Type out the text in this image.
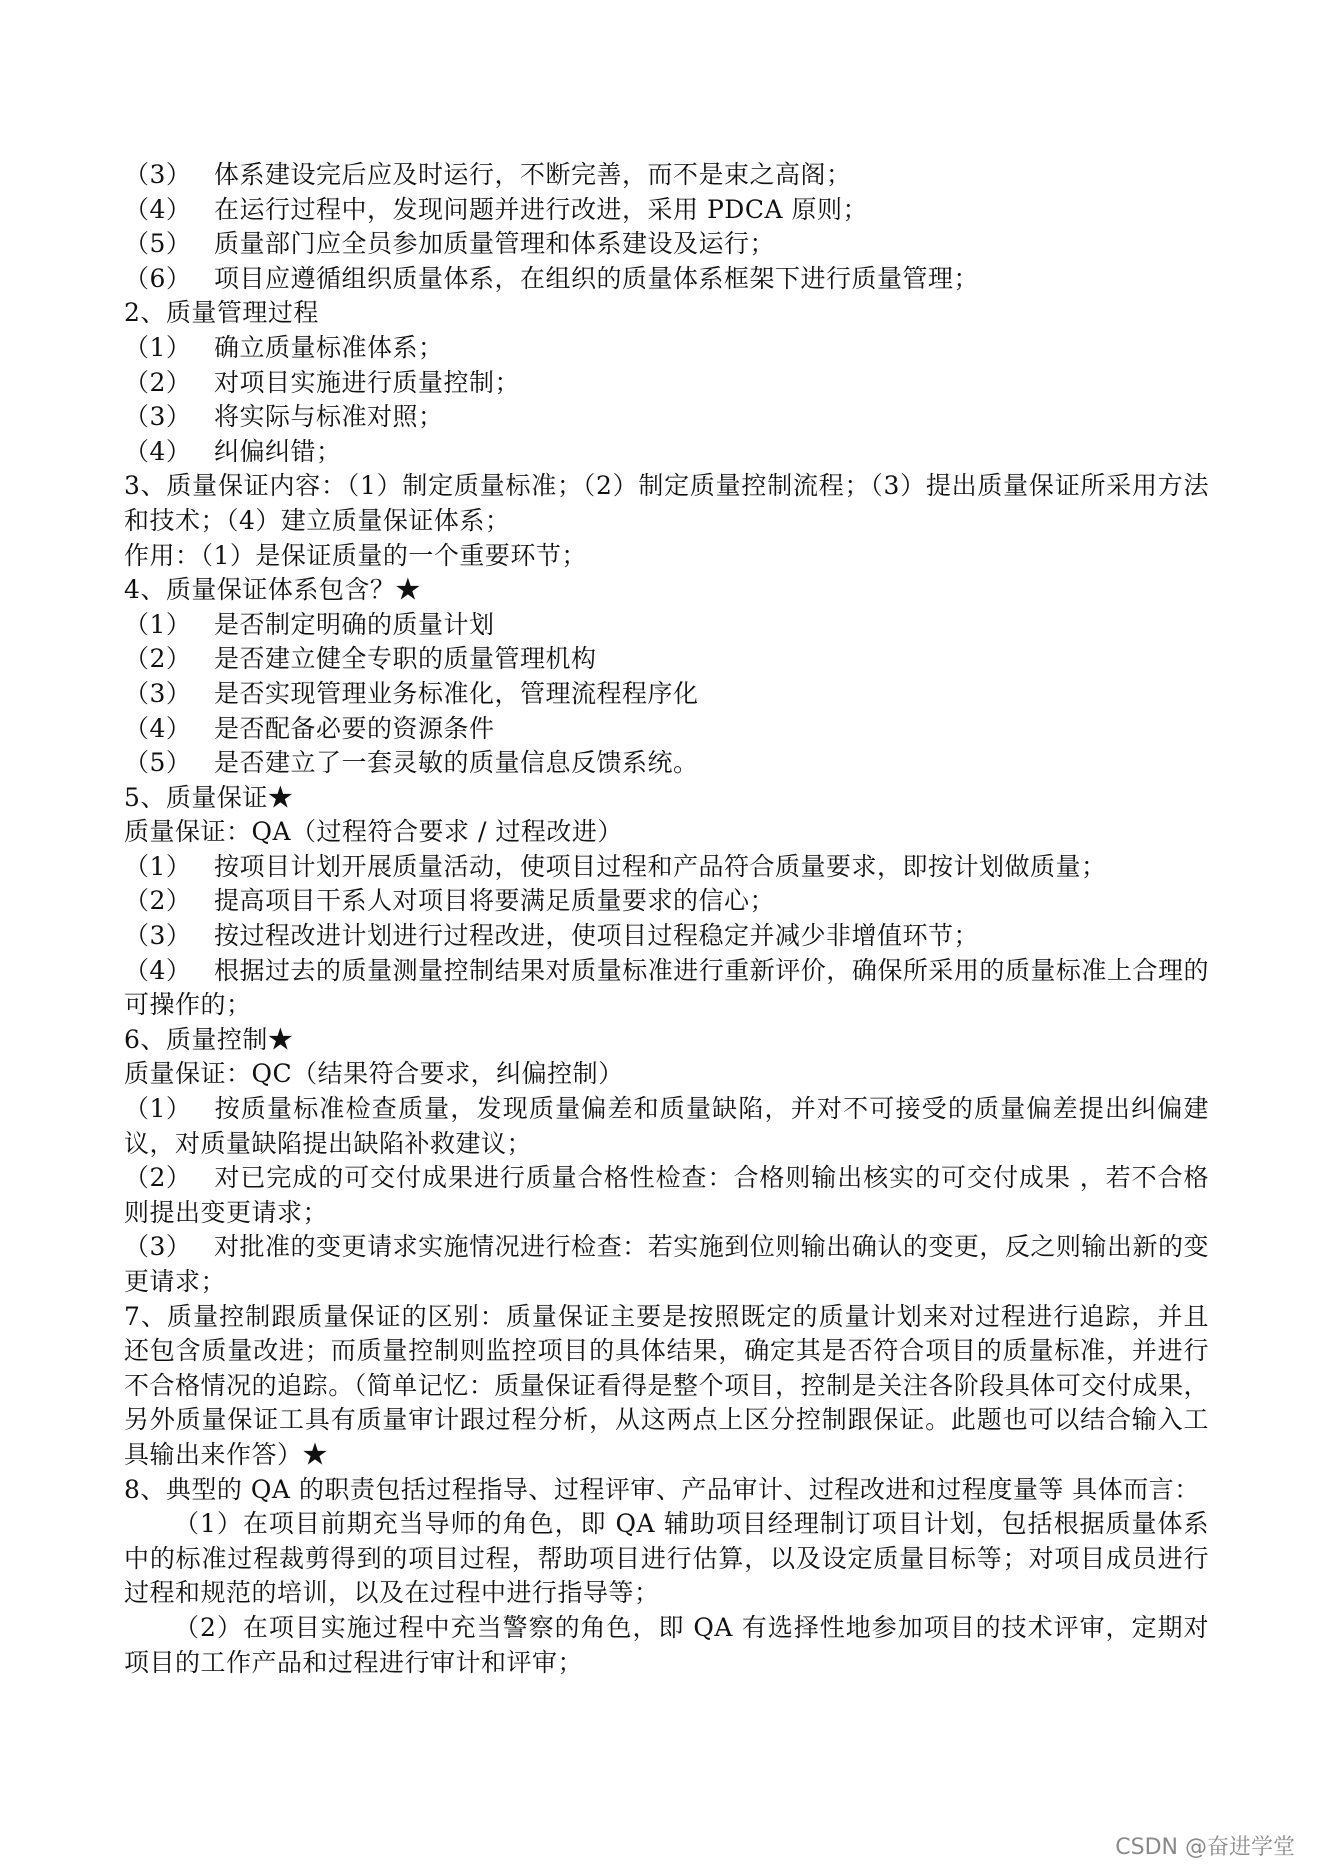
（3） 体系建设完后应及时运行，不断完善，而不是束之高阁；
（4） 在运行过程中，发现问题并进行改进，采用 PDCA 原则；
（5） 质量部门应全员参加质量管理和体系建设及运行；
（6） 项目应遵循组织质量体系，在组织的质量体系框架下进行质量管理；
2、质量管理过程
（1） 确立质量标准体系；
（2） 对项目实施进行质量控制；
（3） 将实际与标准对照；
（4） 纠偏纠错；
3、质量保证内容：（1）制定质量标准；（2）制定质量控制流程；（3）提出质量保证所采用方法和技术；（4）建立质量保证体系；
作用：（1）是保证质量的一个重要环节；
4、质量保证体系包含？★
（1） 是否制定明确的质量计划
（2） 是否建立健全专职的质量管理机构
（3） 是否实现管理业务标准化，管理流程程序化
（4） 是否配备必要的资源条件
（5） 是否建立了一套灵敏的质量信息反馈系统。
5、质量保证★
质量保证：QA（过程符合要求 / 过程改进）
（1） 按项目计划开展质量活动，使项目过程和产品符合质量要求，即按计划做质量；
（2） 提高项目干系人对项目将要满足质量要求的信心；
（3） 按过程改进计划进行过程改进，使项目过程稳定并减少非增值环节；
（4） 根据过去的质量测量控制结果对质量标准进行重新评价，确保所采用的质量标准上合理的可操作的；
6、质量控制★
质量保证：QC（结果符合要求，纠偏控制）
（1） 按质量标准检查质量，发现质量偏差和质量缺陷，并对不可接受的质量偏差提出纠偏建议，对质量缺陷提出缺陷补救建议；
（2） 对已完成的可交付成果进行质量合格性检查：合格则输出核实的可交付成果 ，若不合格则提出变更请求；
（3） 对批准的变更请求实施情况进行检查：若实施到位则输出确认的变更，反之则输出新的变更请求；
7、质量控制跟质量保证的区别：质量保证主要是按照既定的质量计划来对过程进行追踪，并且还包含质量改进；而质量控制则监控项目的具体结果，确定其是否符合项目的质量标准，并进行不合格情况的追踪。（简单记忆：质量保证看得是整个项目，控制是关注各阶段具体可交付成果，另外质量保证工具有质量审计跟过程分析，从这两点上区分控制跟保证。此题也可以结合输入工具输出来作答）★
8、典型的 QA 的职责包括过程指导、过程评审、产品审计、过程改进和过程度量等 具体而言：
（1）在项目前期充当导师的角色，即 QA 辅助项目经理制订项目计划，包括根据质量体系中的标准过程裁剪得到的项目过程，帮助项目进行估算，以及设定质量目标等；对项目成员进行过程和规范的培训，以及在过程中进行指导等；
（2）在项目实施过程中充当警察的角色，即 QA 有选择性地参加项目的技术评审，定期对项目的工作产品和过程进行审计和评审；
CSDN @奋进学堂
